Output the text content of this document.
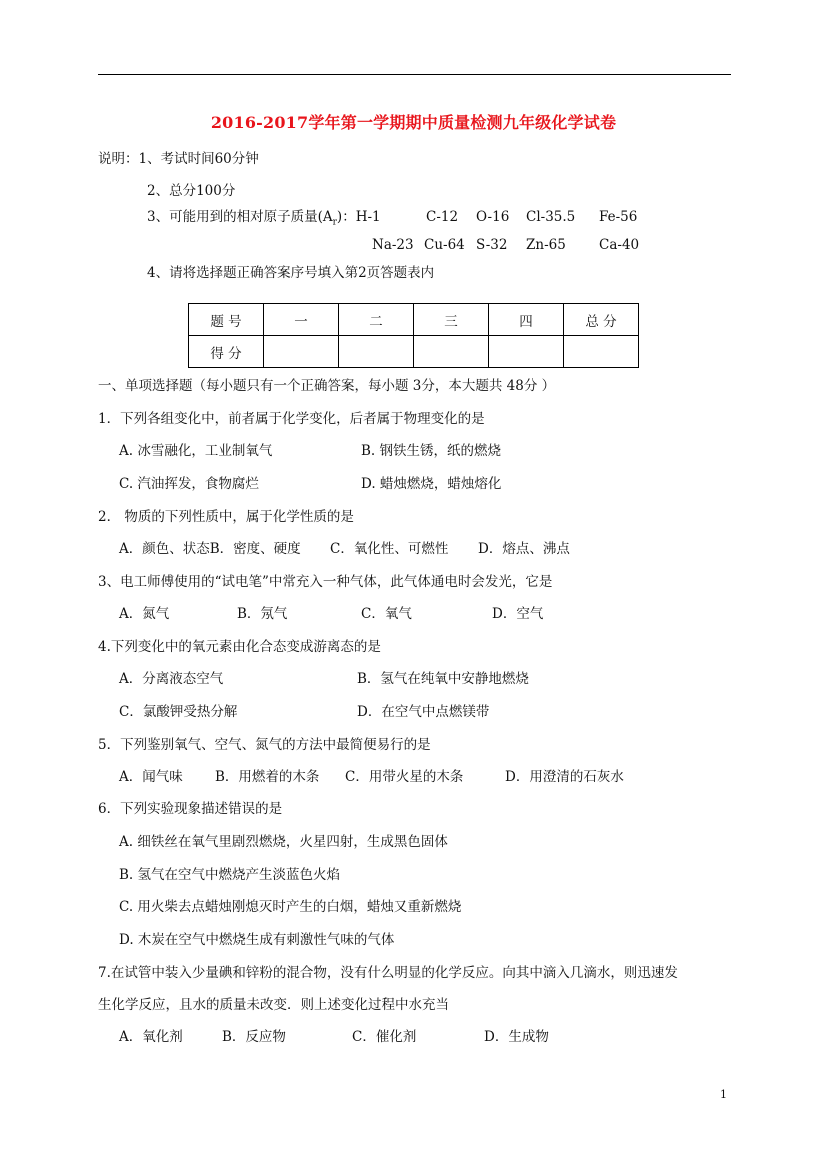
2016-2017学年第一学期期中质量检测九年级化学试卷
说明：1、考试时间60分钟
2、总分100分
3、可能用到的相对原子质量$(A_r)$：H-1	C-12 O-16 Cl-35.5 Fe-56
Na-23 Cu-64 S-32 Zn-65 Ca-40
4、请将选择题正确答案序号填入第2页答题表内
题 号	一	二	三	四	总 分
得 分					
一、单项选择题（每小题只有一个正确答案，每小题 3分，本大题共 48分 ）
1．下列各组变化中，前者属于化学变化，后者属于物理变化的是
A. 冰雪融化，工业制氧气	B. 钢铁生锈，纸的燃烧
C. 汽油挥发，食物腐烂	D. 蜡烛燃烧，蜡烛熔化
2． 物质的下列性质中，属于化学性质的是
A．颜色、状态B．密度、硬度 C．氧化性、可燃性 D．熔点、沸点
3、电工师傅使用的“试电笔”中常充入一种气体，此气体通电时会发光，它是
A．氮气	B．氖气	C．氧气	D．空气
4.下列变化中的氧元素由化合态变成游离态的是
A．分离液态空气	B．氢气在纯氧中安静地燃烧
C．氯酸钾受热分解	D．在空气中点燃镁带
5．下列鉴别氧气、空气、氮气的方法中最简便易行的是
A．闻气味 B．用燃着的木条 C．用带火星的木条	D．用澄清的石灰水
6．下列实验现象描述错误的是
A. 细铁丝在氧气里剧烈燃烧，火星四射，生成黑色固体
B. 氢气在空气中燃烧产生淡蓝色火焰
C. 用火柴去点蜡烛刚熄灭时产生的白烟，蜡烛又重新燃烧
D. 木炭在空气中燃烧生成有刺激性气味的气体
7.在试管中装入少量碘和锌粉的混合物，没有什么明显的化学反应。向其中滴入几滴水，则迅速发
生化学反应，且水的质量未改变．则上述变化过程中水充当
A．氧化剂	B．反应物	C．催化剂	D．生成物
1
